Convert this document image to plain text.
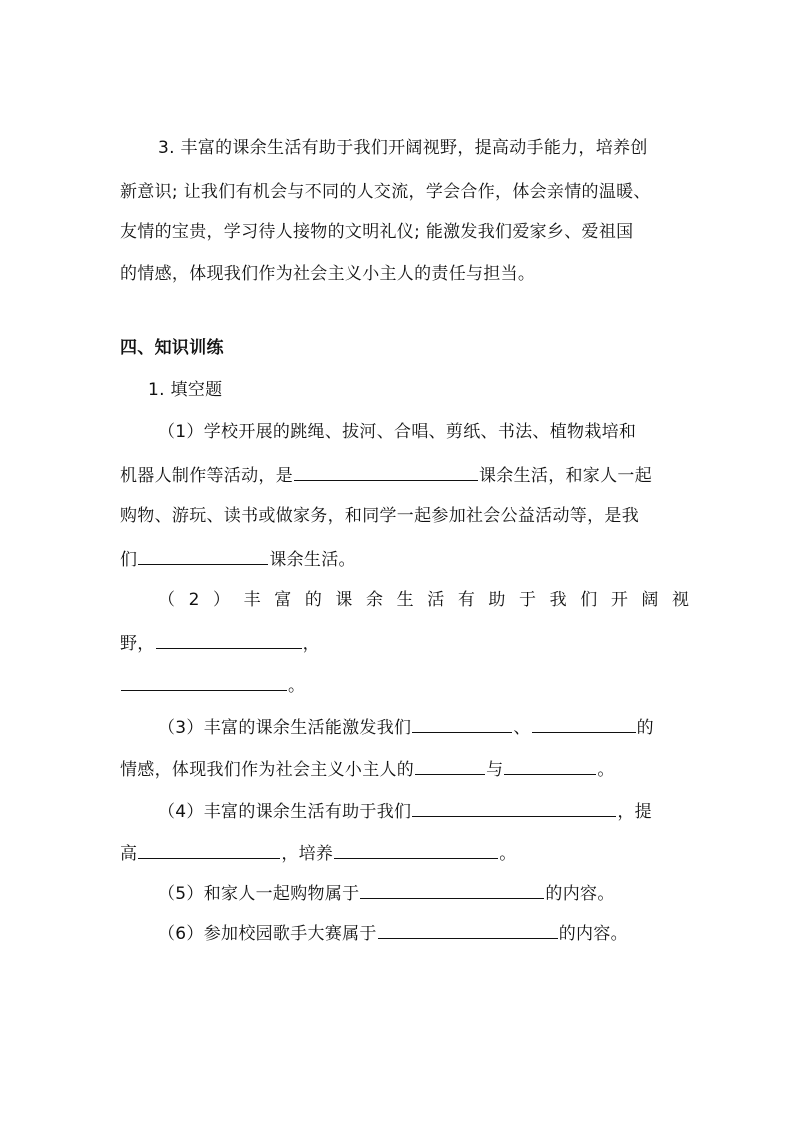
3. 丰富的课余生活有助于我们开阔视野，提高动手能力，培养创
新意识; 让我们有机会与不同的人交流，学会合作，体会亲情的温暖、
友情的宝贵，学习待人接物的文明礼仪; 能激发我们爱家乡、爱祖国
的情感，体现我们作为社会主义小主人的责任与担当。
四、知识训练
1. 填空题
（1）学校开展的跳绳、拔河、合唱、剪纸、书法、植物栽培和
机器人制作等活动，是	课余生活，和家人一起
购物、游玩、读书或做家务，和同学一起参加社会公益活动等，是我
们	课余生活。
（2）丰富的课余生活有助于我们开阔视
野，	，
。
（3）丰富的课余生活能激发我们	、	的
情感，体现我们作为社会主义小主人的	与	。
（4）丰富的课余生活有助于我们	，提
高	，培养	。
（5）和家人一起购物属于	的内容。
（6）参加校园歌手大赛属于	的内容。
